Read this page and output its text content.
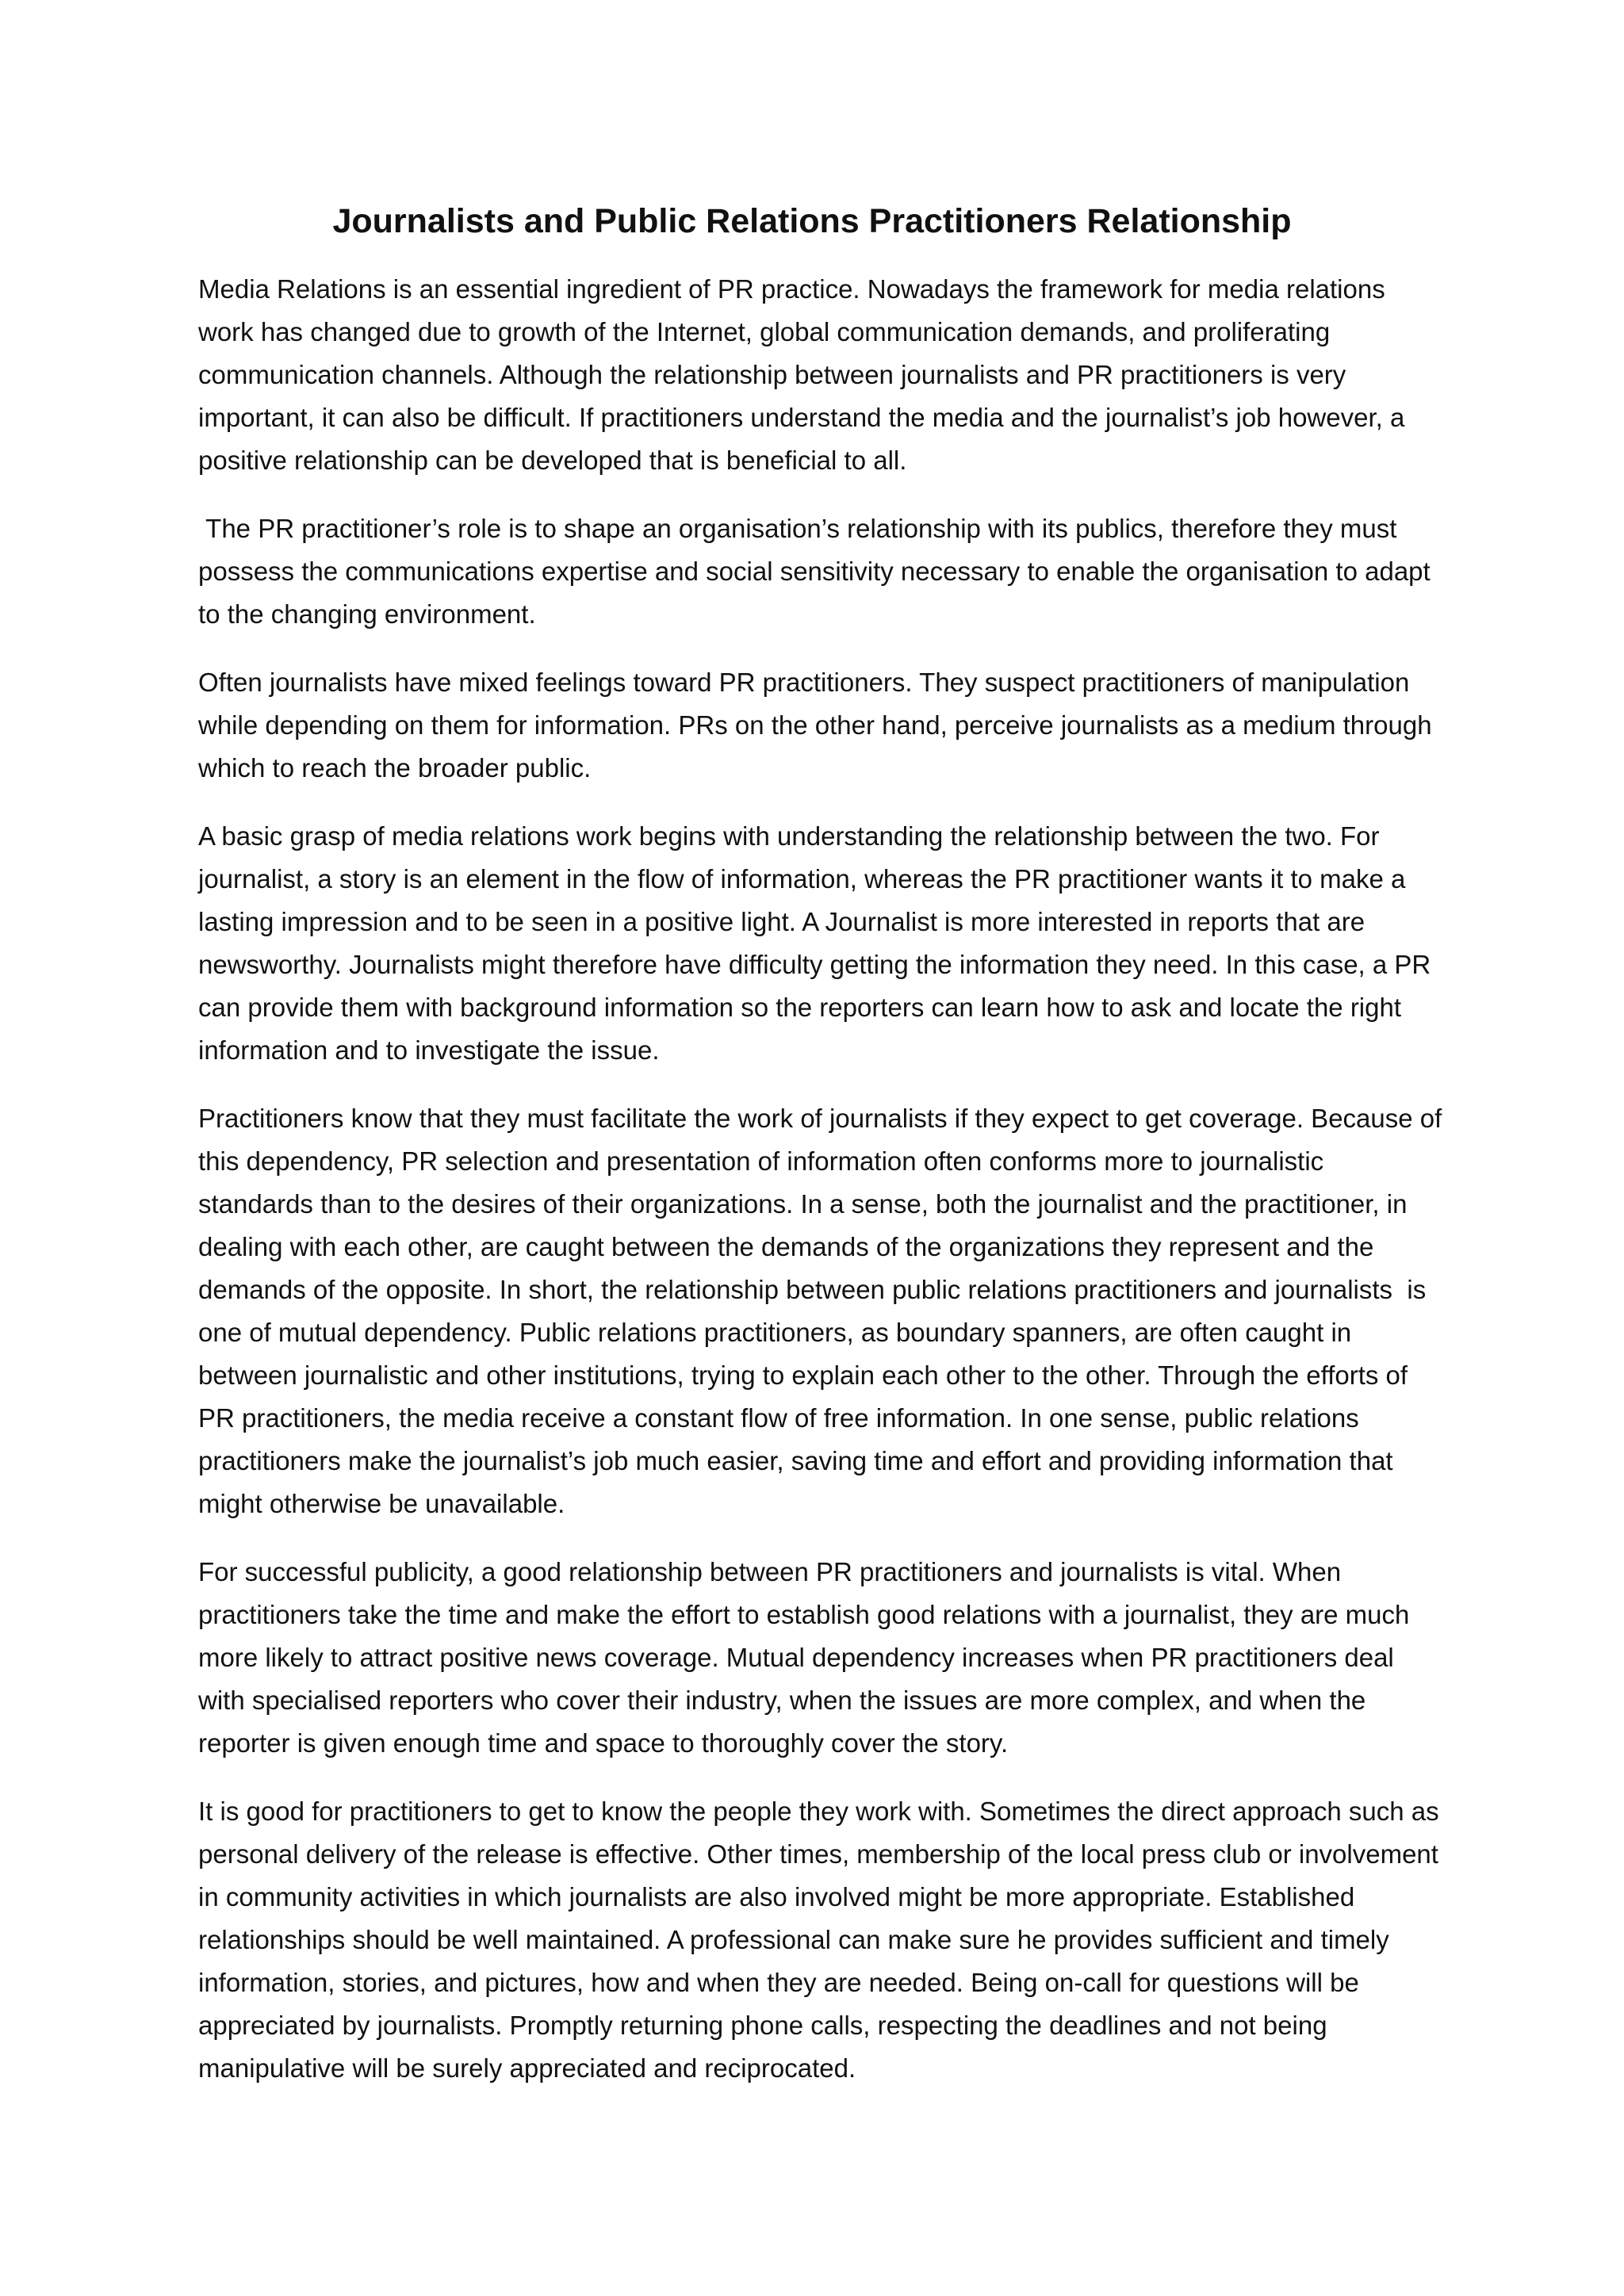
Journalists and Public Relations Practitioners Relationship

Media Relations is an essential ingredient of PR practice. Nowadays the framework for media relations work has changed due to growth of the Internet, global communication demands, and proliferating communication channels. Although the relationship between journalists and PR practitioners is very important, it can also be difficult. If practitioners understand the media and the journalist’s job however, a positive relationship can be developed that is beneficial to all.

The PR practitioner’s role is to shape an organisation’s relationship with its publics, therefore they must possess the communications expertise and social sensitivity necessary to enable the organisation to adapt to the changing environment.

Often journalists have mixed feelings toward PR practitioners. They suspect practitioners of manipulation while depending on them for information. PRs on the other hand, perceive journalists as a medium through which to reach the broader public.

A basic grasp of media relations work begins with understanding the relationship between the two. For journalist, a story is an element in the flow of information, whereas the PR practitioner wants it to make a lasting impression and to be seen in a positive light. A Journalist is more interested in reports that are newsworthy. Journalists might therefore have difficulty getting the information they need. In this case, a PR can provide them with background information so the reporters can learn how to ask and locate the right information and to investigate the issue.

Practitioners know that they must facilitate the work of journalists if they expect to get coverage. Because of this dependency, PR selection and presentation of information often conforms more to journalistic standards than to the desires of their organizations. In a sense, both the journalist and the practitioner, in dealing with each other, are caught between the demands of the organizations they represent and the demands of the opposite. In short, the relationship between public relations practitioners and journalists  is one of mutual dependency. Public relations practitioners, as boundary spanners, are often caught in between journalistic and other institutions, trying to explain each other to the other. Through the efforts of PR practitioners, the media receive a constant flow of free information. In one sense, public relations practitioners make the journalist’s job much easier, saving time and effort and providing information that might otherwise be unavailable.

For successful publicity, a good relationship between PR practitioners and journalists is vital. When practitioners take the time and make the effort to establish good relations with a journalist, they are much more likely to attract positive news coverage. Mutual dependency increases when PR practitioners deal with specialised reporters who cover their industry, when the issues are more complex, and when the reporter is given enough time and space to thoroughly cover the story.

It is good for practitioners to get to know the people they work with. Sometimes the direct approach such as personal delivery of the release is effective. Other times, membership of the local press club or involvement in community activities in which journalists are also involved might be more appropriate. Established relationships should be well maintained. A professional can make sure he provides sufficient and timely information, stories, and pictures, how and when they are needed. Being on-call for questions will be appreciated by journalists. Promptly returning phone calls, respecting the deadlines and not being manipulative will be surely appreciated and reciprocated.
